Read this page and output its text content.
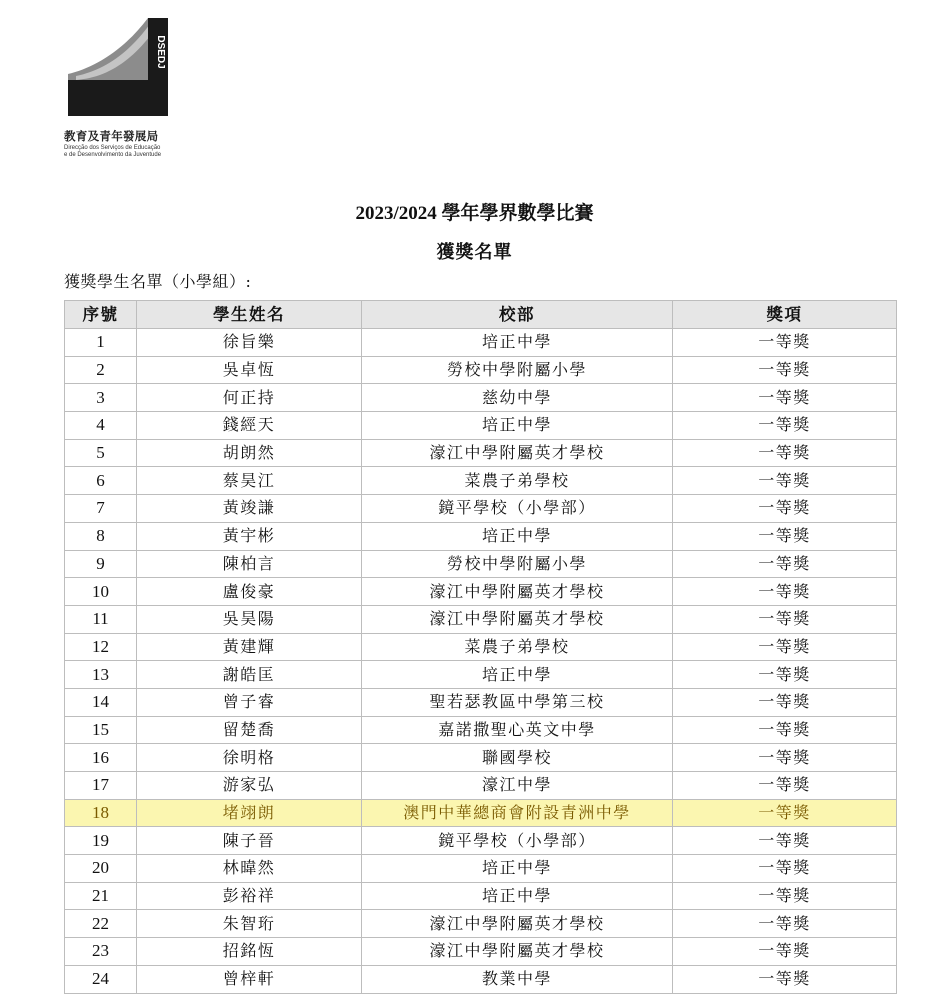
DSEDJ
教育及青年發展局
Direcção dos Serviços de Educação
e de Desenvolvimento da Juventude
2023/2024 學年學界數學比賽
獲獎名單
獲獎學生名單（小學組）:
序號	學生姓名	校部	獎項
1	徐旨樂	培正中學	一等獎
2	吳卓恆	勞校中學附屬小學	一等獎
3	何正持	慈幼中學	一等獎
4	錢經天	培正中學	一等獎
5	胡朗然	濠江中學附屬英才學校	一等獎
6	蔡昊江	菜農子弟學校	一等獎
7	黃竣謙	鏡平學校（小學部）	一等獎
8	黃宇彬	培正中學	一等獎
9	陳柏言	勞校中學附屬小學	一等獎
10	盧俊豪	濠江中學附屬英才學校	一等獎
11	吳昊陽	濠江中學附屬英才學校	一等獎
12	黃建輝	菜農子弟學校	一等獎
13	謝皓匡	培正中學	一等獎
14	曾子睿	聖若瑟教區中學第三校	一等獎
15	留楚喬	嘉諾撒聖心英文中學	一等獎
16	徐明格	聯國學校	一等獎
17	游家弘	濠江中學	一等獎
18	堵翊朗	澳門中華總商會附設青洲中學	一等獎
19	陳子晉	鏡平學校（小學部）	一等獎
20	林暐然	培正中學	一等獎
21	彭裕祥	培正中學	一等獎
22	朱智珩	濠江中學附屬英才學校	一等獎
23	招銘恆	濠江中學附屬英才學校	一等獎
24	曾梓軒	教業中學	一等獎
